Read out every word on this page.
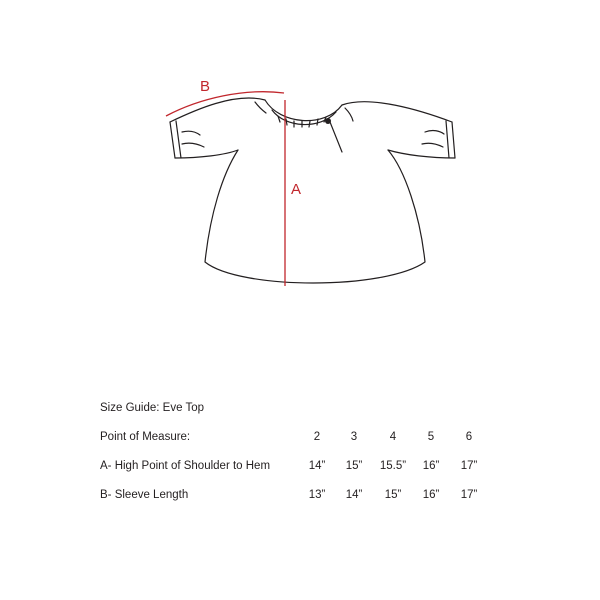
A
B
Size Guide: Eve Top
Point of Measure:	2	3	4	5	6
A- High Point of Shoulder to Hem	14”	15”	15.5”	16”	17”
B- Sleeve Length	13”	14”	15”	16”	17”
